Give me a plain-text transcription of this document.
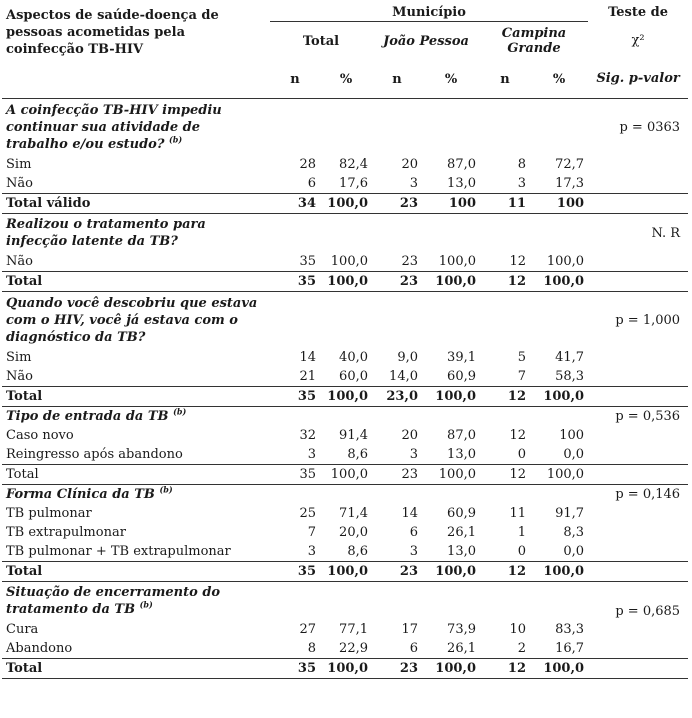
Aspectos de saúde-doença de pessoas acometidas pela coinfecção TB-HIV	Município						Teste de
	Total		João Pessoa		Campina Grande		χ²
	n	%	n	%	n	%	Sig. p-valor
A coinfecção TB-HIV impediu continuar sua atividade de trabalho e/ou estudo? $^{(b)}$							p = 0363
Sim	28	82,4	20	87,0	8	72,7	
Não	6	17,6	3	13,0	3	17,3	
Total válido	34	100,0	23	100	11	100	
Realizou o tratamento para infecção latente da TB?							N. R
Não	35	100,0	23	100,0	12	100,0	
Total	35	100,0	23	100,0	12	100,0	
Quando você descobriu que estava com o HIV, você já estava com o diagnóstico da TB?							p = 1,000
Sim	14	40,0	9,0	39,1	5	41,7	
Não	21	60,0	14,0	60,9	7	58,3	
Total	35	100,0	23,0	100,0	12	100,0	
Tipo de entrada da TB $^{(b)}$							p = 0,536
Caso novo	32	91,4	20	87,0	12	100	
Reingresso após abandono	3	8,6	3	13,0	0	0,0	
Total	35	100,0	23	100,0	12	100,0	
Forma Clínica da TB $^{(b)}$							p = 0,146
TB pulmonar	25	71,4	14	60,9	11	91,7	
TB extrapulmonar	7	20,0	6	26,1	1	8,3	
TB pulmonar + TB extrapulmonar	3	8,6	3	13,0	0	0,0	
Total	35	100,0	23	100,0	12	100,0	
Situação de encerramento do tratamento da TB $^{(b)}$							p = 0,685
Cura	27	77,1	17	73,9	10	83,3	
Abandono	8	22,9	6	26,1	2	16,7	
Total	35	100,0	23	100,0	12	100,0	
